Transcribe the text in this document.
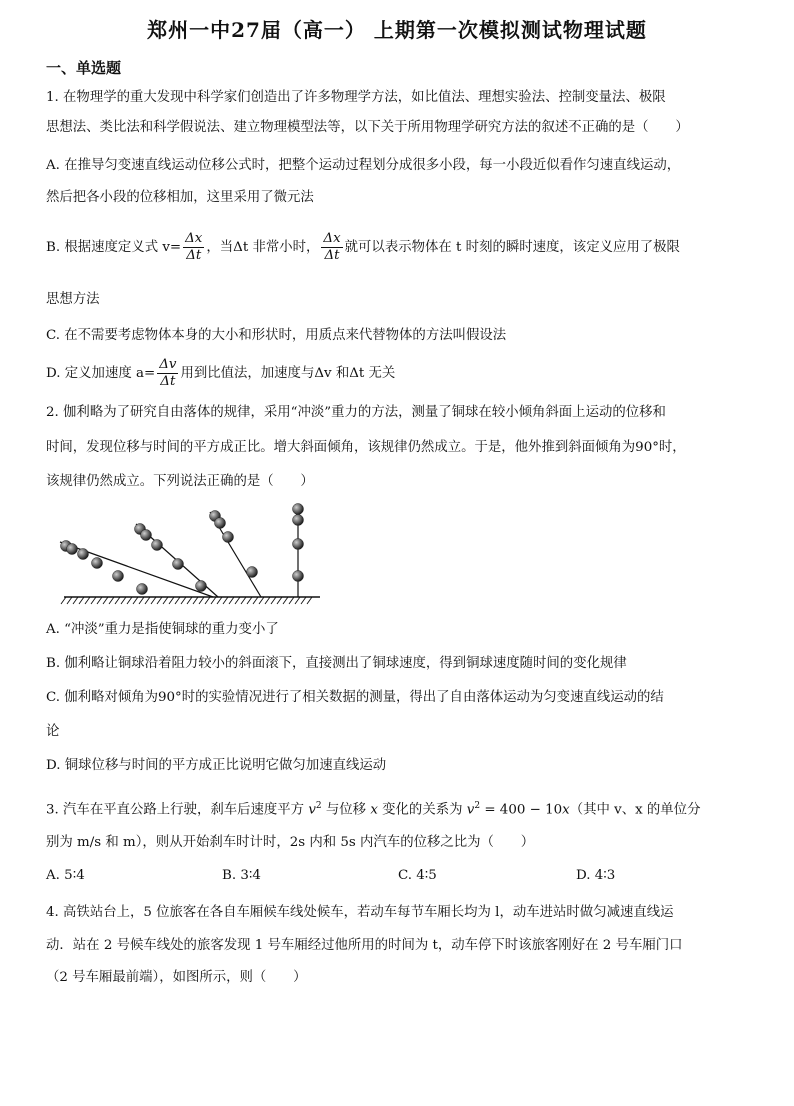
郑州一中27届（高一） 上期第一次模拟测试物理试题
一、单选题
1. 在物理学的重大发现中科学家们创造出了许多物理学方法，如比值法、理想实验法、控制变量法、极限
思想法、类比法和科学假说法、建立物理模型法等，以下关于所用物理学研究方法的叙述不正确的是（　　）
A. 在推导匀变速直线运动位移公式时，把整个运动过程划分成很多小段，每一小段近似看作匀速直线运动，
然后把各小段的位移相加，这里采用了微元法
B. 根据速度定义式 $v= \frac{\Delta x}{\Delta t}$ ，当Δt 非常小时， $\frac{\Delta x}{\Delta t}$ 就可以表示物体在 t 时刻的瞬时速度，该定义应用了极限
思想方法
C. 在不需要考虑物体本身的大小和形状时，用质点来代替物体的方法叫假设法
D. 定义加速度 $a= \frac{\Delta v}{\Delta t}$ 用到比值法，加速度与Δv 和Δt 无关
2. 伽利略为了研究自由落体的规律，采用“冲淡”重力的方法，测量了铜球在较小倾角斜面上运动的位移和
时间，发现位移与时间的平方成正比。增大斜面倾角，该规律仍然成立。于是，他外推到斜面倾角为90°时，
该规律仍然成立。下列说法正确的是（　　）
A. “冲淡”重力是指使铜球的重力变小了
B. 伽利略让铜球沿着阻力较小的斜面滚下，直接测出了铜球速度，得到铜球速度随时间的变化规律
C. 伽利略对倾角为90°时的实验情况进行了相关数据的测量，得出了自由落体运动为匀变速直线运动的结
论
D. 铜球位移与时间的平方成正比说明它做匀加速直线运动
3. 汽车在平直公路上行驶，刹车后速度平方 $v^2$ 与位移 x 变化的关系为 $v^2 = 400 - 10x$（其中 v、x 的单位分
别为 m/s 和 m），则从开始刹车时计时，2s 内和 5s 内汽车的位移之比为（　　）
A. 5∶4	B. 3∶4	C. 4∶5	D. 4∶3
4. 高铁站台上，5 位旅客在各自车厢候车线处候车，若动车每节车厢长均为 l，动车进站时做匀减速直线运
动．站在 2 号候车线处的旅客发现 1 号车厢经过他所用的时间为 t，动车停下时该旅客刚好在 2 号车厢门口
（2 号车厢最前端），如图所示，则（　　）
